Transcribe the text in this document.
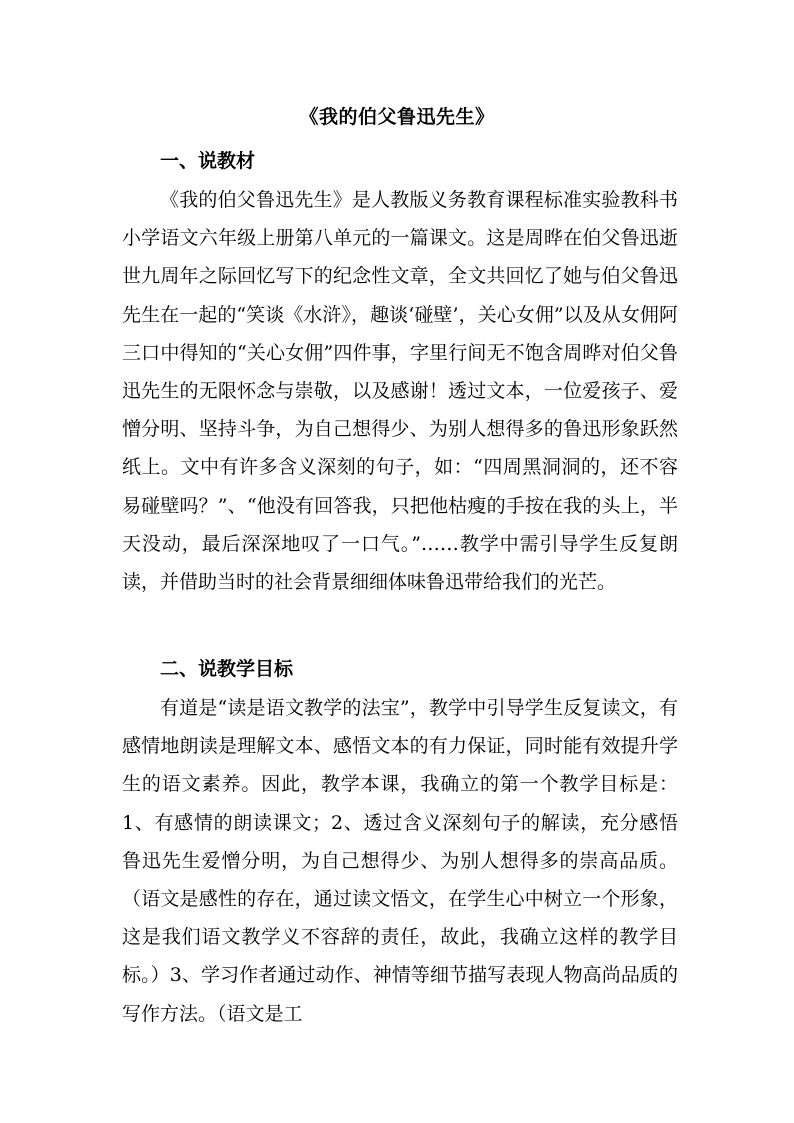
《我的伯父鲁迅先生》
一、说教材
《我的伯父鲁迅先生》是人教版义务教育课程标准实验教科书小学语文六年级上册第八单元的一篇课文。这是周晔在伯父鲁迅逝世九周年之际回忆写下的纪念性文章，全文共回忆了她与伯父鲁迅先生在一起的“笑谈《水浒》，趣谈‘碰壁’，关心女佣”以及从女佣阿三口中得知的“关心女佣”四件事，字里行间无不饱含周晔对伯父鲁迅先生的无限怀念与崇敬，以及感谢！透过文本，一位爱孩子、爱憎分明、坚持斗争，为自己想得少、为别人想得多的鲁迅形象跃然纸上。文中有许多含义深刻的句子，如：“四周黑洞洞的，还不容易碰壁吗？”、“他没有回答我，只把他枯瘦的手按在我的头上，半天没动，最后深深地叹了一口气。”……教学中需引导学生反复朗读，并借助当时的社会背景细细体味鲁迅带给我们的光芒。
二、说教学目标
有道是“读是语文教学的法宝”，教学中引导学生反复读文，有感情地朗读是理解文本、感悟文本的有力保证，同时能有效提升学生的语文素养。因此，教学本课，我确立的第一个教学目标是：1、有感情的朗读课文；2、透过含义深刻句子的解读，充分感悟鲁迅先生爱憎分明，为自己想得少、为别人想得多的崇高品质。（语文是感性的存在，通过读文悟文，在学生心中树立一个形象，这是我们语文教学义不容辞的责任，故此，我确立这样的教学目标。）3、学习作者通过动作、神情等细节描写表现人物高尚品质的写作方法。（语文是工
